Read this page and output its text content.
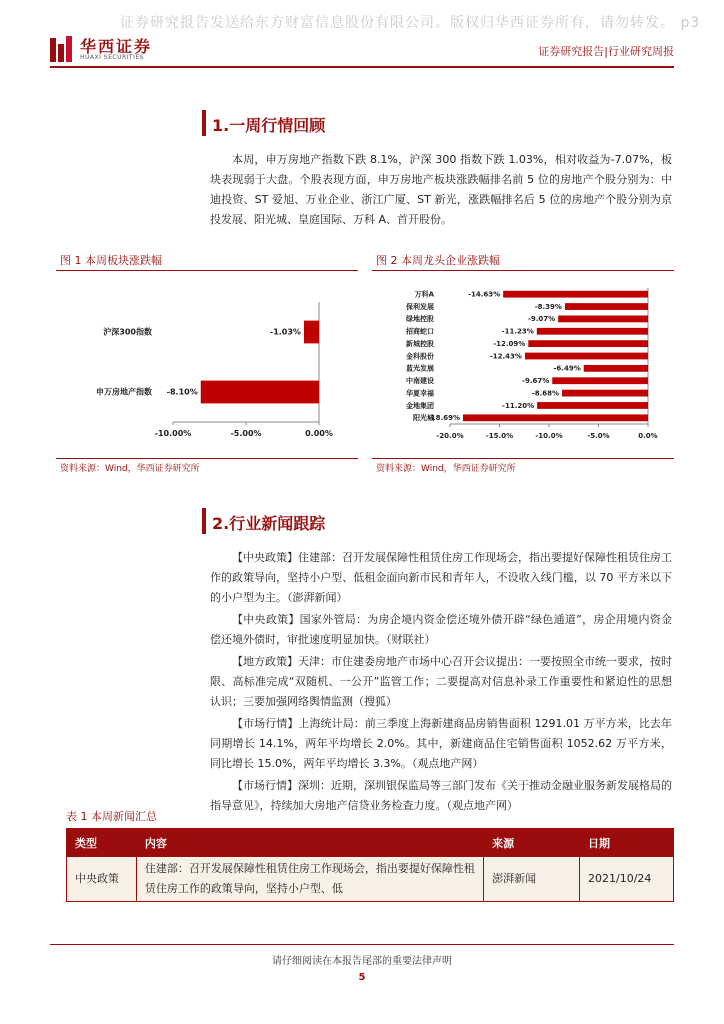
证券研究报告发送给东方财富信息股份有限公司。版权归华西证券所有，请勿转发。 p3
华西证券
HUAXI SECURITIES	证券研究报告|行业研究周报
1.一周行情回顾
本周，申万房地产指数下跌 8.1%，沪深 300 指数下跌 1.03%，相对收益为-7.07%，板块表现弱于大盘。个股表现方面，申万房地产板块涨跌幅排名前 5 位的房地产个股分别为：中迪投资、ST 爱旭、万业企业、浙江广厦、ST 新光，涨跌幅排名后 5 位的房地产个股分别为京投发展、阳光城、皇庭国际、万科 A、首开股份。
图 1 本周板块涨跌幅	图 2 本周龙头企业涨跌幅
-10.00%	-5.00%	0.00%
沪深300指数	-1.03%
申万房地产指数 -8.10%
-20.0%	-15.0%	-10.0%	-5.0%	0.0%
万科A	-14.63%
保利发展	-8.39%
绿地控股	-9.07%
招商蛇口	-11.23%
新城控股	-12.09%
金科股份	-12.43%
蓝光发展	-6.49%
中南建设	-9.67%
华夏幸福	-8.68%
金地集团	-11.20%
阳光城
-18.69%
资料来源：Wind，华西证券研究所	资料来源：Wind，华西证券研究所
2.行业新闻跟踪
【中央政策】住建部：召开发展保障性租赁住房工作现场会，指出要提好保障性租赁住房工作的政策导向，坚持小户型、低租金面向新市民和青年人，不设收入线门槛，以 70 平方米以下的小户型为主。（澎湃新闻）
【中央政策】国家外管局：为房企境内资金偿还境外债开辟“绿色通道”，房企用境内资金偿还境外债时，审批速度明显加快。（财联社）
【地方政策】天津：市住建委房地产市场中心召开会议提出：一要按照全市统一要求，按时限、高标准完成“双随机、一公开”监管工作；二要提高对信息补录工作重要性和紧迫性的思想认识；三要加强网络舆情监测（搜狐）
【市场行情】上海统计局：前三季度上海新建商品房销售面积 1291.01 万平方米，比去年同期增长 14.1%，两年平均增长 2.0%。其中，新建商品住宅销售面积 1052.62 万平方米，同比增长 15.0%，两年平均增长 3.3%。（观点地产网）
【市场行情】深圳：近期，深圳银保监局等三部门发布《关于推动金融业服务新发展格局的指导意见》，持续加大房地产信贷业务检查力度。（观点地产网）
表 1 本周新闻汇总
类型	内容	来源	日期
中央政策	住建部：召开发展保障性租赁住房工作现场会，指出要提好保障性租赁住房工作的政策导向，坚持小户型、低	澎湃新闻	2021/10/24
请仔细阅读在本报告尾部的重要法律声明
5
